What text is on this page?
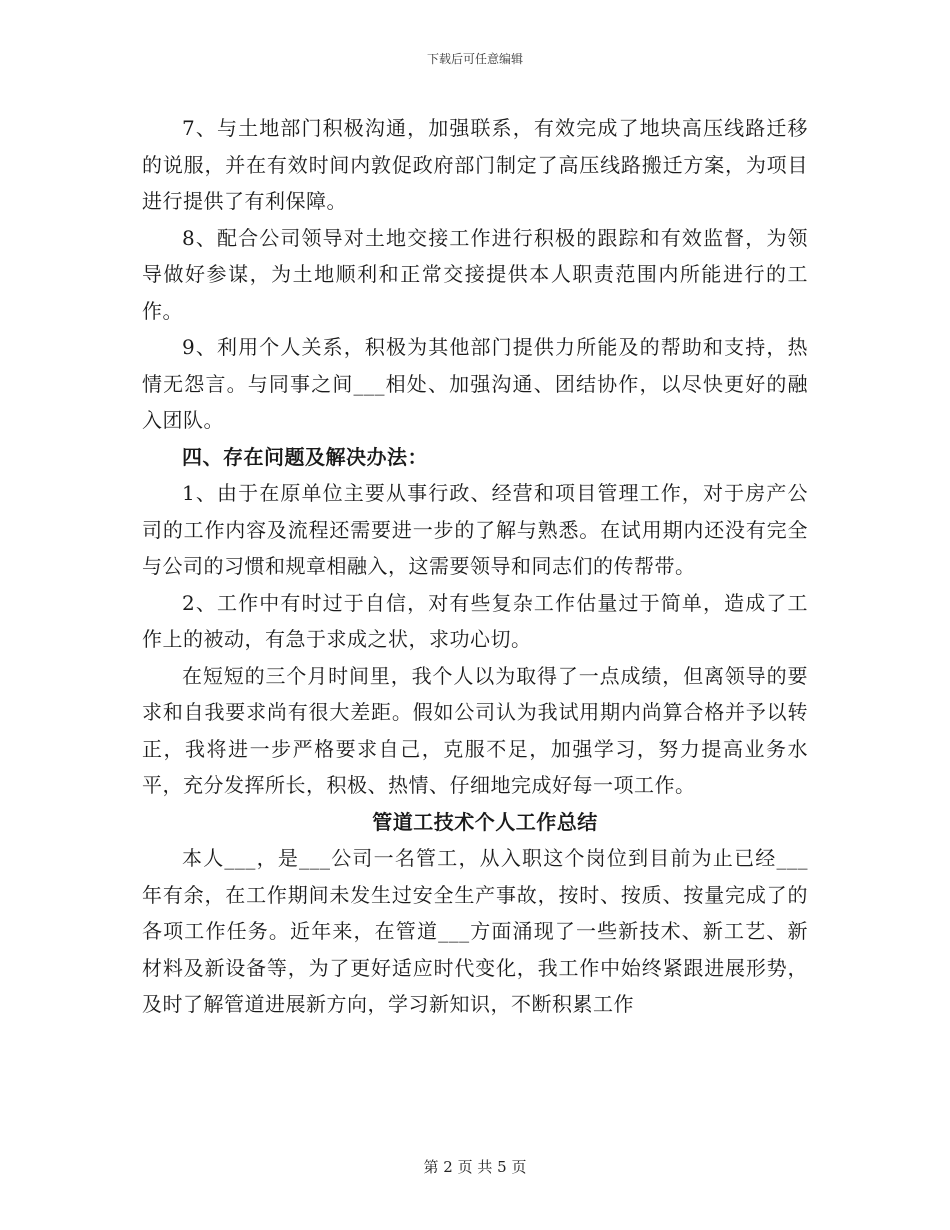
下载后可任意编辑

7、与土地部门积极沟通，加强联系，有效完成了地块高压线路迁移的说服，并在有效时间内敦促政府部门制定了高压线路搬迁方案，为项目进行提供了有利保障。

8、配合公司领导对土地交接工作进行积极的跟踪和有效监督，为领导做好参谋，为土地顺利和正常交接提供本人职责范围内所能进行的工作。

9、利用个人关系，积极为其他部门提供力所能及的帮助和支持，热情无怨言。与同事之间___相处、加强沟通、团结协作，以尽快更好的融入团队。

四、存在问题及解决办法：

1、由于在原单位主要从事行政、经营和项目管理工作，对于房产公司的工作内容及流程还需要进一步的了解与熟悉。在试用期内还没有完全与公司的习惯和规章相融入，这需要领导和同志们的传帮带。

2、工作中有时过于自信，对有些复杂工作估量过于简单，造成了工作上的被动，有急于求成之状，求功心切。

在短短的三个月时间里，我个人以为取得了一点成绩，但离领导的要求和自我要求尚有很大差距。假如公司认为我试用期内尚算合格并予以转正，我将进一步严格要求自己，克服不足，加强学习，努力提高业务水平，充分发挥所长，积极、热情、仔细地完成好每一项工作。

管道工技术个人工作总结

本人___，是___公司一名管工，从入职这个岗位到目前为止已经___年有余，在工作期间未发生过安全生产事故，按时、按质、按量完成了的各项工作任务。近年来，在管道___方面涌现了一些新技术、新工艺、新材料及新设备等，为了更好适应时代变化，我工作中始终紧跟进展形势，及时了解管道进展新方向，学习新知识，不断积累工作

第 2 页 共 5 页
